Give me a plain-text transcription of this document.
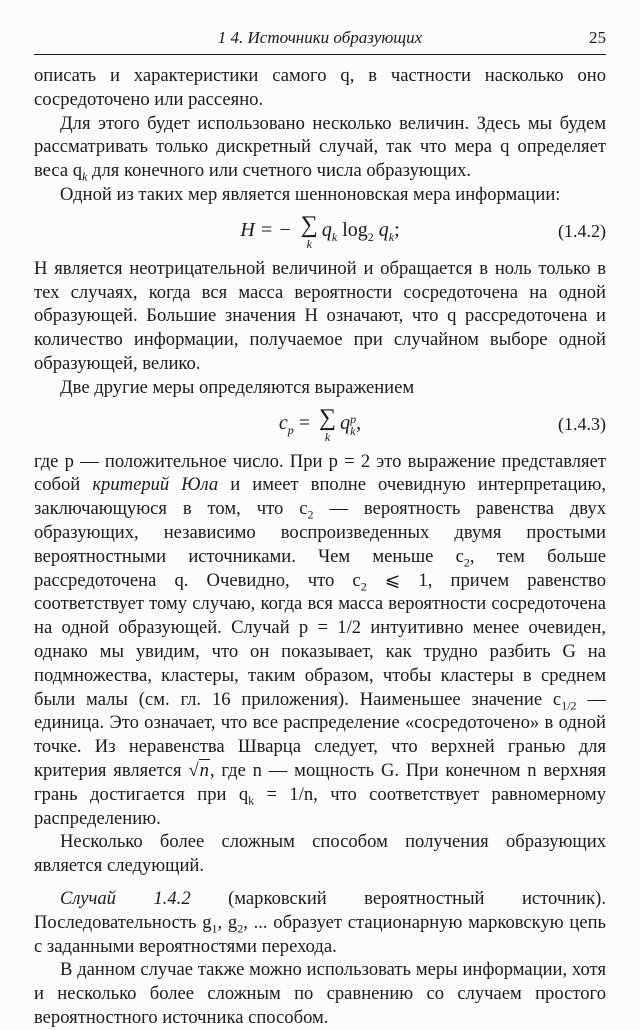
1 4. Источники образующих	25

описать и характеристики самого q, в частности насколько оно сосредоточено или рассеяно.

Для этого будет использовано несколько величин. Здесь мы будем рассматривать только дискретный случай, так что мера q определяет веса $q_k$ для конечного или счетного числа образующих.

Одной из таких мер является шенноновская мера информации:

H = − ∑
k
$q_k$ $\log_2 q_k$;	(1.4.2)

H является неотрицательной величиной и обращается в ноль только в тех случаях, когда вся масса вероятности сосредоточена на одной образующей. Большие значения H означают, что q рассредоточена и количество информации, получаемое при случайном выборе одной образующей, велико.

Две другие меры определяются выражением

$c_p$ = ∑
k
q p
k ,	(1.4.3)

где p — положительное число. При p = 2 это выражение представляет собой критерий Юла и имеет вполне очевидную интерпретацию, заключающуюся в том, что $c_2$ — вероятность равенства двух образующих, независимо воспроизведенных двумя простыми вероятностными источниками. Чем меньше $c_2$, тем больше рассредоточена q. Очевидно, что $c_2$ ⩽ 1, причем равенство соответствует тому случаю, когда вся масса вероятности сосредоточена на одной образующей. Случай p = 1/2 интуитивно менее очевиден, однако мы увидим, что он показывает, как трудно разбить G на подмножества, кластеры, таким образом, чтобы кластеры в среднем были малы (см. гл. 16 приложения). Наименьшее значение $c_{1/2}$ — единица. Это означает, что все распределение «сосредоточено» в одной точке. Из неравенства Шварца следует, что верхней гранью для критерия является √n, где n — мощность G. При конечном n верхняя грань достигается при $q_k = 1/n$, что соответствует равномерному распределению.

Несколько более сложным способом получения образующих является следующий.

Случай 1.4.2 (марковский вероятностный источник). Последовательность $g_1$, $g_2$, ... образует стационарную марковскую цепь с заданными вероятностями перехода.

В данном случае также можно использовать меры информации, хотя и несколько более сложным по сравнению со случаем простого вероятностного источника способом.
